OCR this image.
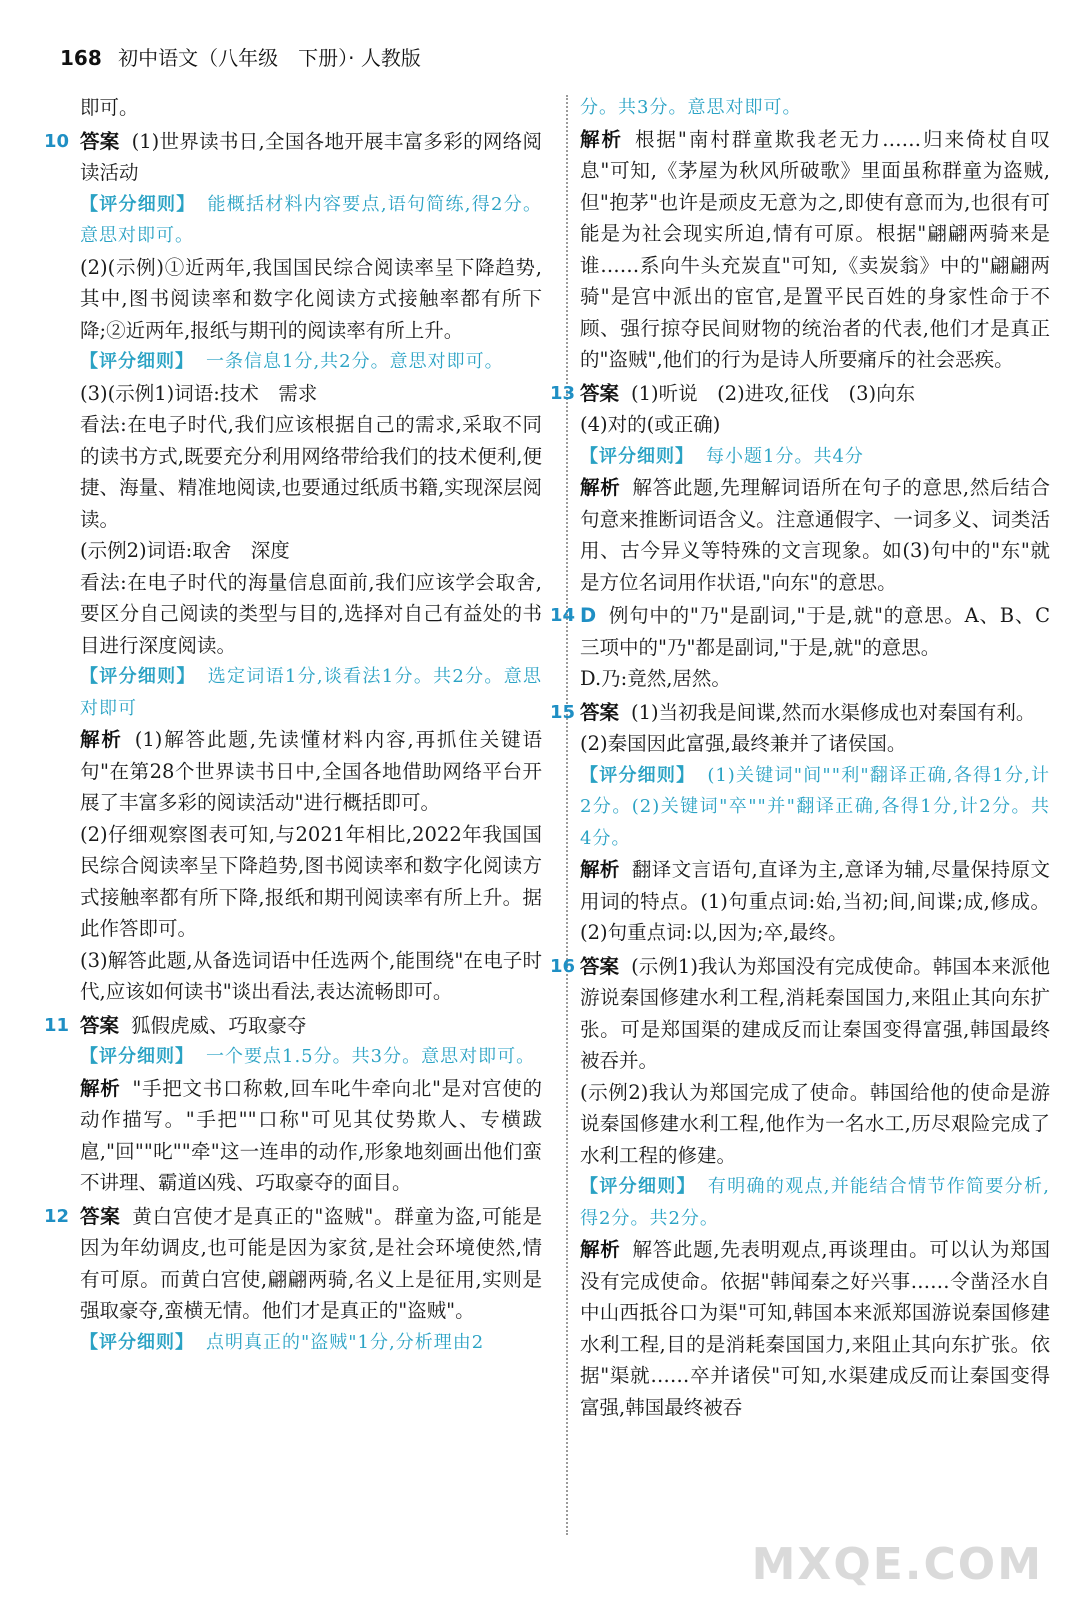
168 初中语文（八年级　下册）· 人教版

即可。

10 答案 (1)世界读书日,全国各地开展丰富多彩的网络阅读活动

【评分细则】 能概括材料内容要点,语句简练,得2分。意思对即可。

(2)(示例)①近两年,我国国民综合阅读率呈下降趋势,其中,图书阅读率和数字化阅读方式接触率都有所下降;②近两年,报纸与期刊的阅读率有所上升。

【评分细则】 一条信息1分,共2分。意思对即可。

(3)(示例1)词语:技术　需求

看法:在电子时代,我们应该根据自己的需求,采取不同的读书方式,既要充分利用网络带给我们的技术便利,便捷、海量、精准地阅读,也要通过纸质书籍,实现深层阅读。

(示例2)词语:取舍　深度

看法:在电子时代的海量信息面前,我们应该学会取舍,要区分自己阅读的类型与目的,选择对自己有益处的书目进行深度阅读。

【评分细则】 选定词语1分,谈看法1分。共2分。意思对即可

解析 (1)解答此题,先读懂材料内容,再抓住关键语句"在第28个世界读书日中,全国各地借助网络平台开展了丰富多彩的阅读活动"进行概括即可。

(2)仔细观察图表可知,与2021年相比,2022年我国国民综合阅读率呈下降趋势,图书阅读率和数字化阅读方式接触率都有所下降,报纸和期刊阅读率有所上升。据此作答即可。

(3)解答此题,从备选词语中任选两个,能围绕"在电子时代,应该如何读书"谈出看法,表达流畅即可。

11 答案 狐假虎威、巧取豪夺

【评分细则】 一个要点1.5分。共3分。意思对即可。

解析 "手把文书口称敕,回车叱牛牵向北"是对宫使的动作描写。"手把""口称"可见其仗势欺人、专横跋扈,"回""叱""牵"这一连串的动作,形象地刻画出他们蛮不讲理、霸道凶残、巧取豪夺的面目。

12 答案 黄白宫使才是真正的"盗贼"。群童为盗,可能是因为年幼调皮,也可能是因为家贫,是社会环境使然,情有可原。而黄白宫使,翩翩两骑,名义上是征用,实则是强取豪夺,蛮横无情。他们才是真正的"盗贼"。

【评分细则】 点明真正的"盗贼"1分,分析理由2

分。共3分。意思对即可。

解析 根据"南村群童欺我老无力……归来倚杖自叹息"可知,《茅屋为秋风所破歌》里面虽称群童为盗贼,但"抱茅"也许是顽皮无意为之,即使有意而为,也很有可能是为社会现实所迫,情有可原。根据"翩翩两骑来是谁……系向牛头充炭直"可知,《卖炭翁》中的"翩翩两骑"是宫中派出的宦官,是置平民百姓的身家性命于不顾、强行掠夺民间财物的统治者的代表,他们才是真正的"盗贼",他们的行为是诗人所要痛斥的社会恶疾。

13 答案 (1)听说　(2)进攻,征伐　(3)向东

(4)对的(或正确)

【评分细则】 每小题1分。共4分

解析 解答此题,先理解词语所在句子的意思,然后结合句意来推断词语含义。注意通假字、一词多义、词类活用、古今异义等特殊的文言现象。如(3)句中的"东"就是方位名词用作状语,"向东"的意思。

14 D 例句中的"乃"是副词,"于是,就"的意思。A、B、C三项中的"乃"都是副词,"于是,就"的意思。

D.乃:竟然,居然。

15 答案 (1)当初我是间谍,然而水渠修成也对秦国有利。

(2)秦国因此富强,最终兼并了诸侯国。

【评分细则】 (1)关键词"间""利"翻译正确,各得1分,计2分。(2)关键词"卒""并"翻译正确,各得1分,计2分。共4分。

解析 翻译文言语句,直译为主,意译为辅,尽量保持原文用词的特点。(1)句重点词:始,当初;间,间谍;成,修成。(2)句重点词:以,因为;卒,最终。

16 答案 (示例1)我认为郑国没有完成使命。韩国本来派他游说秦国修建水利工程,消耗秦国国力,来阻止其向东扩张。可是郑国渠的建成反而让秦国变得富强,韩国最终被吞并。

(示例2)我认为郑国完成了使命。韩国给他的使命是游说秦国修建水利工程,他作为一名水工,历尽艰险完成了水利工程的修建。

【评分细则】 有明确的观点,并能结合情节作简要分析,得2分。共2分。

解析 解答此题,先表明观点,再谈理由。可以认为郑国没有完成使命。依据"韩闻秦之好兴事……令凿泾水自中山西抵谷口为渠"可知,韩国本来派郑国游说秦国修建水利工程,目的是消耗秦国国力,来阻止其向东扩张。依据"渠就……卒并诸侯"可知,水渠建成反而让秦国变得富强,韩国最终被吞

MXQE.COM
